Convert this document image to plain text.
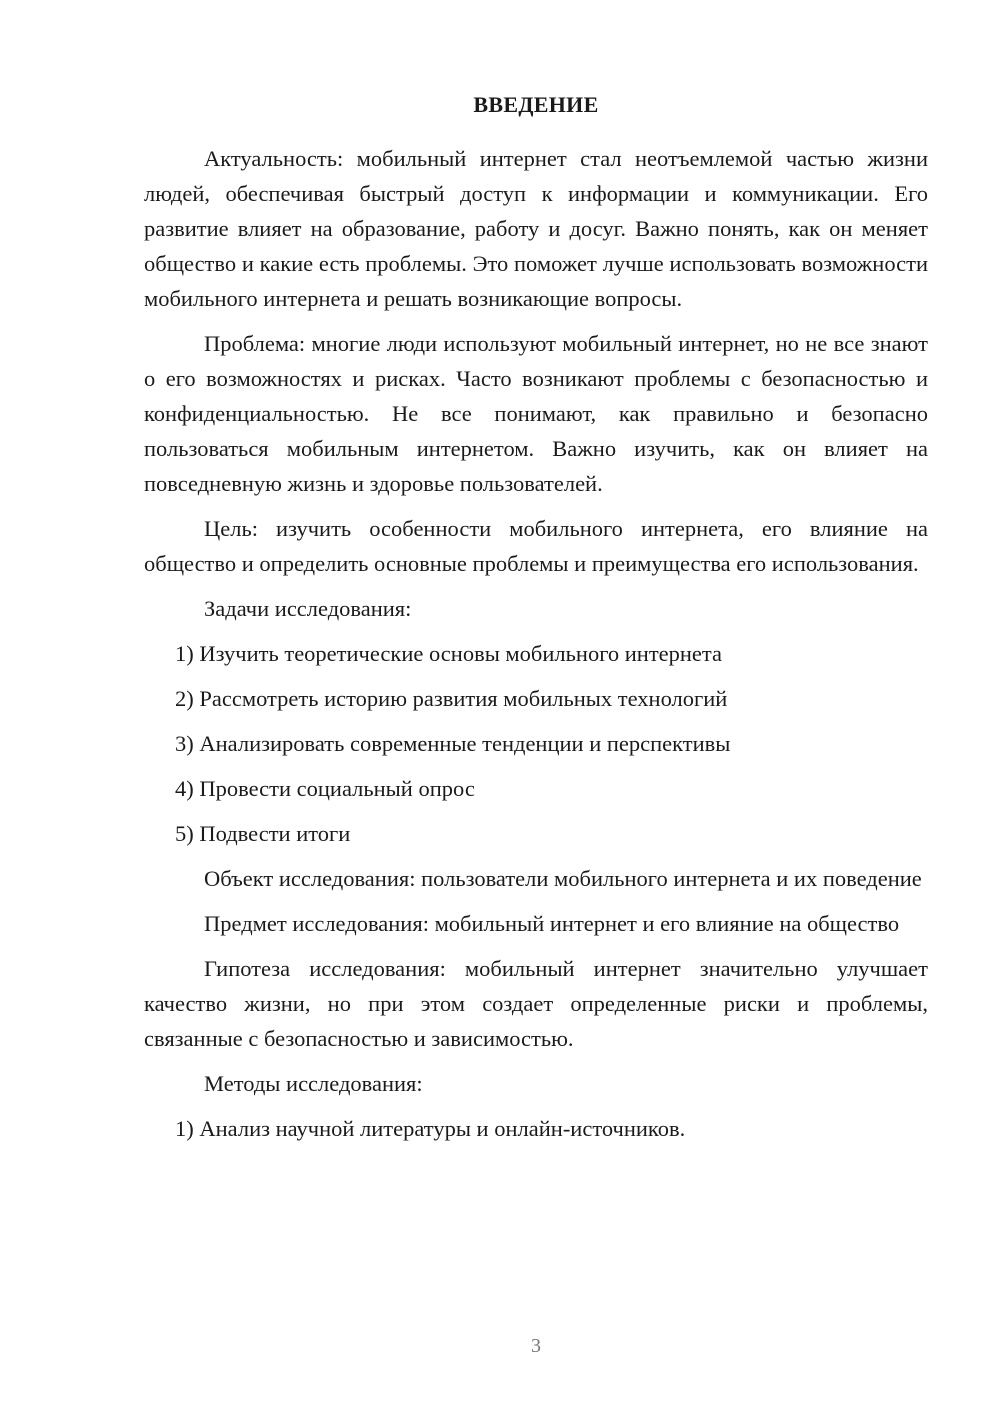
ВВЕДЕНИЕ

Актуальность: мобильный интернет стал неотъемлемой частью жизни людей, обеспечивая быстрый доступ к информации и коммуникации. Его развитие влияет на образование, работу и досуг. Важно понять, как он меняет общество и какие есть проблемы. Это поможет лучше использовать возможности мобильного интернета и решать возникающие вопросы.

Проблема: многие люди используют мобильный интернет, но не все знают о его возможностях и рисках. Часто возникают проблемы с безопасностью и конфиденциальностью. Не все понимают, как правильно и безопасно пользоваться мобильным интернетом. Важно изучить, как он влияет на повседневную жизнь и здоровье пользователей.

Цель: изучить особенности мобильного интернета, его влияние на общество и определить основные проблемы и преимущества его использования.

Задачи исследования:

1) Изучить теоретические основы мобильного интернета
2) Рассмотреть историю развития мобильных технологий
3) Анализировать современные тенденции и перспективы
4) Провести социальный опрос
5) Подвести итоги

Объект исследования: пользователи мобильного интернета и их поведение

Предмет исследования: мобильный интернет и его влияние на общество

Гипотеза исследования: мобильный интернет значительно улучшает качество жизни, но при этом создает определенные риски и проблемы, связанные с безопасностью и зависимостью.

Методы исследования:

1) Анализ научной литературы и онлайн-источников.
3
